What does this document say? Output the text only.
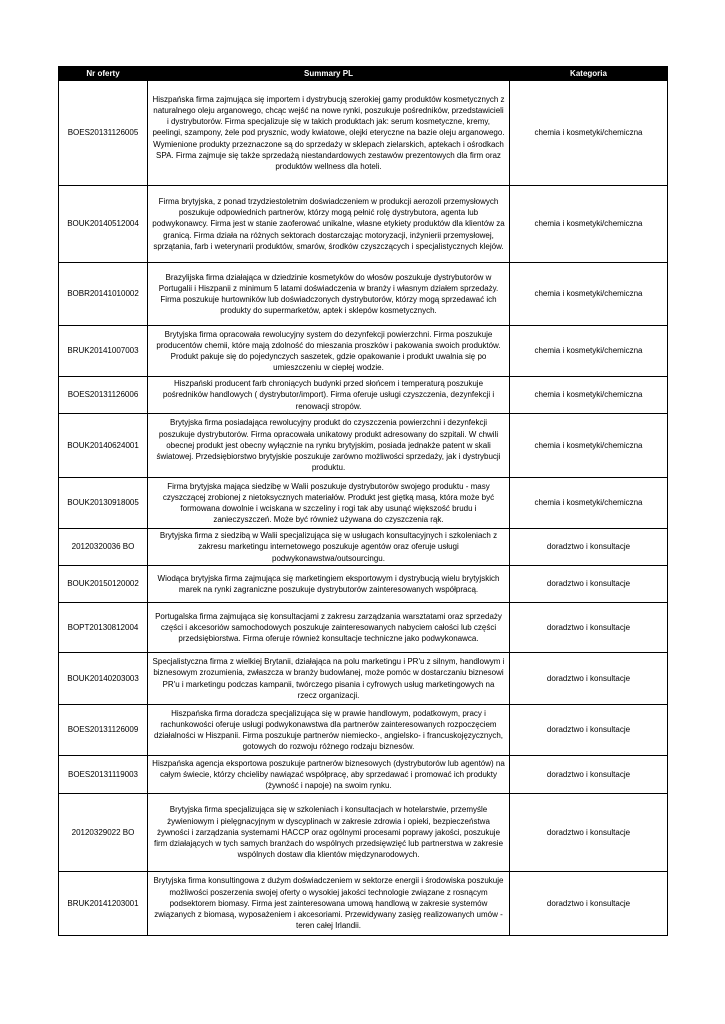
Nr oferty	Summary PL	Kategoria
BOES20131126005	Hiszpańska firma zajmująca się importem i dystrybucją szerokiej gamy produktów kosmetycznych z naturalnego oleju arganowego, chcąc wejść na nowe rynki, poszukuje pośredników, przedstawicieli i dystrybutorów. Firma specjalizuje się w takich produktach jak: serum kosmetyczne, kremy, peelingi, szampony, żele pod prysznic, wody kwiatowe, olejki eteryczne na bazie oleju arganowego. Wymienione produkty przeznaczone są do sprzedaży w sklepach zielarskich, aptekach i ośrodkach SPA. Firma zajmuje się także sprzedażą niestandardowych zestawów prezentowych dla firm oraz produktów wellness dla hoteli.	chemia i kosmetyki/chemiczna
BOUK20140512004	Firma brytyjska, z ponad trzydziestoletnim doświadczeniem w produkcji aerozoli przemysłowych poszukuje odpowiednich partnerów, którzy mogą pełnić rolę dystrybutora, agenta lub podwykonawcy. Firma jest w stanie zaoferować unikalne, własne etykiety produktów dla klientów za granicą. Firma działa na różnych sektorach dostarczając motoryzacji, inżynierii przemysłowej, sprzątania, farb i weterynarii produktów, smarów, środków czyszczących i specjalistycznych klejów.	chemia i kosmetyki/chemiczna
BOBR20141010002	Brazylijska firma działająca w dziedzinie kosmetyków do włosów poszukuje dystrybutorów w Portugalii i Hiszpanii z minimum 5 latami doświadczenia w branży i własnym działem sprzedaży. Firma poszukuje hurtowników lub doświadczonych dystrybutorów, którzy mogą sprzedawać ich produkty do supermarketów, aptek i sklepów kosmetycznych.	chemia i kosmetyki/chemiczna
BRUK20141007003	Brytyjska firma opracowała rewolucyjny system do dezynfekcji powierzchni. Firma poszukuje producentów chemii, które mają zdolność do mieszania proszków i pakowania swoich produktów. Produkt pakuje się do pojedynczych saszetek, gdzie opakowanie i produkt uwalnia się po umieszczeniu w ciepłej wodzie.	chemia i kosmetyki/chemiczna
BOES20131126006	Hiszpański producent farb chroniących budynki przed słońcem i temperaturą poszukuje pośredników handlowych ( dystrybutor/import). Firma oferuje usługi czyszczenia, dezynfekcji i renowacji stropów.	chemia i kosmetyki/chemiczna
BOUK20140624001	Brytyjska firma posiadająca rewolucyjny produkt do czyszczenia powierzchni i dezynfekcji poszukuje dystrybutorów. Firma opracowała unikatowy produkt adresowany do szpitali. W chwili obecnej produkt jest obecny wyłącznie na rynku brytyjskim, posiada jednakże patent w skali światowej. Przedsiębiorstwo brytyjskie poszukuje zarówno możliwości sprzedaży, jak i dystrybucji produktu.	chemia i kosmetyki/chemiczna
BOUK20130918005	Firma brytyjska mająca siedzibę w Walii poszukuje dystrybutorów swojego produktu - masy czyszczącej zrobionej z nietoksycznych materiałów. Produkt jest giętką masą, która może być formowana dowolnie i wciskana w szczeliny i rogi tak aby usunąć większość brudu i zanieczyszczeń. Może być również używana do czyszczenia rąk.	chemia i kosmetyki/chemiczna
20120320036 BO	Brytyjska firma z siedzibą w Walii specjalizująca się w usługach konsultacyjnych i szkoleniach z zakresu marketingu internetowego poszukuje agentów oraz oferuje usługi podwykonawstwa/outsourcingu.	doradztwo i konsultacje
BOUK20150120002	Wiodąca brytyjska firma zajmująca się marketingiem eksportowym i dystrybucją wielu brytyjskich marek na rynki zagraniczne poszukuje dystrybutorów zainteresowanych współpracą.	doradztwo i konsultacje
BOPT20130812004	Portugalska firma zajmująca się konsultacjami z zakresu zarządzania warsztatami oraz sprzedaży części i akcesoriów samochodowych poszukuje zainteresowanych nabyciem całości lub części przedsiębiorstwa. Firma oferuje również konsultacje techniczne jako podwykonawca.	doradztwo i konsultacje
BOUK20140203003	Specjalistyczna firma z wielkiej Brytanii, działająca na polu marketingu i PR'u z silnym, handlowym i biznesowym zrozumienia, zwłaszcza w branży budowlanej, może pomóc w dostarczaniu biznesowi PR'u i marketingu podczas kampanii, twórczego pisania i cyfrowych usług marketingowych na rzecz organizacji.	doradztwo i konsultacje
BOES20131126009	Hiszpańska firma doradcza specjalizująca się w prawie handlowym, podatkowym, pracy i rachunkowości oferuje usługi podwykonawstwa dla partnerów zainteresowanych rozpoczęciem działalności w Hiszpanii. Firma poszukuje partnerów niemiecko-, angielsko- i francuskojęzycznych, gotowych do rozwoju różnego rodzaju biznesów.	doradztwo i konsultacje
BOES20131119003	Hiszpańska agencja eksportowa poszukuje partnerów biznesowych (dystrybutorów lub agentów) na całym świecie, którzy chcieliby nawiązać współpracę, aby sprzedawać i promować ich produkty (żywność i napoje) na swoim rynku.	doradztwo i konsultacje
20120329022 BO	Brytyjska firma specjalizująca się w szkoleniach i konsultacjach w hotelarstwie, przemyśle żywieniowym i pielęgnacyjnym w dyscyplinach w zakresie zdrowia i opieki, bezpieczeństwa żywności i zarządzania systemami HACCP oraz ogólnymi procesami poprawy jakości, poszukuje firm działających w tych samych branżach do wspólnych przedsięwzięć lub partnerstwa w zakresie wspólnych dostaw dla klientów międzynarodowych.	doradztwo i konsultacje
BRUK20141203001	Brytyjska firma konsultingowa z dużym doświadczeniem w sektorze energii i środowiska poszukuje możliwości poszerzenia swojej oferty o wysokiej jakości technologie związane z rosnącym podsektorem biomasy. Firma jest zainteresowana umową handlową w zakresie systemów związanych z biomasą, wyposażeniem i akcesoriami. Przewidywany zasięg realizowanych umów - teren całej Irlandii.	doradztwo i konsultacje
